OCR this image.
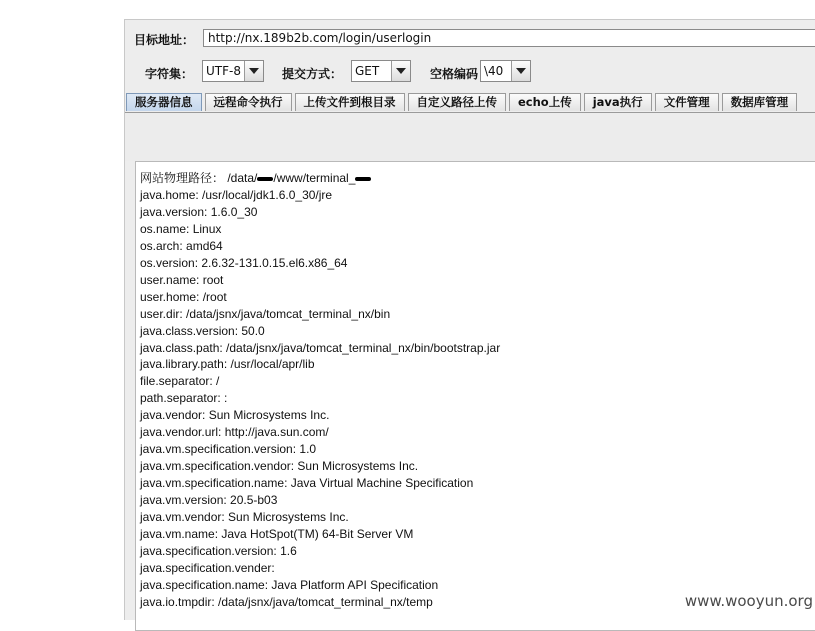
目标地址：	http://nx.189b2b.com/login/userlogin
字符集： UTF-8	提交方式： GET	空格编码 \40
服务器信息	远程命令执行	上传文件到根目录	自定义路径上传	echo上传	java执行	文件管理	数据库管理
网站物理路径： /data/ /www/terminal_
java.home: /usr/local/jdk1.6.0_30/jre
java.version: 1.6.0_30
os.name: Linux
os.arch: amd64
os.version: 2.6.32-131.0.15.el6.x86_64
user.name: root
user.home: /root
user.dir: /data/jsnx/java/tomcat_terminal_nx/bin
java.class.version: 50.0
java.class.path: /data/jsnx/java/tomcat_terminal_nx/bin/bootstrap.jar
java.library.path: /usr/local/apr/lib
file.separator: /
path.separator: :
java.vendor: Sun Microsystems Inc.
java.vendor.url: http://java.sun.com/
java.vm.specification.version: 1.0
java.vm.specification.vendor: Sun Microsystems Inc.
java.vm.specification.name: Java Virtual Machine Specification
java.vm.version: 20.5-b03
java.vm.vendor: Sun Microsystems Inc.
java.vm.name: Java HotSpot(TM) 64-Bit Server VM
java.specification.version: 1.6
java.specification.vender:
java.specification.name: Java Platform API Specification
java.io.tmpdir: /data/jsnx/java/tomcat_terminal_nx/temp	www.wooyun.org
